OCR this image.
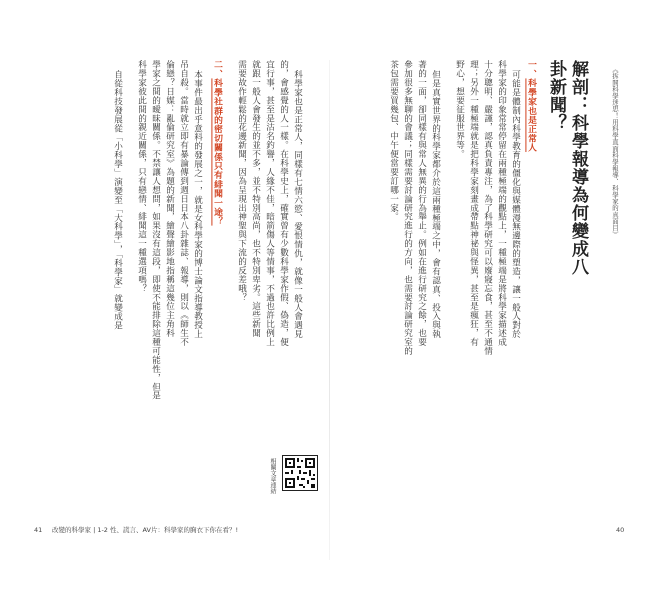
《拆開科學迷思！用科學直面科學報導、科學家的真面目》
解剖：科學報導為何變成八
卦新聞？
一、科學家也是正常人
可能是體制內科學教育的僵化與媒體漫無邊際的塑造，讓一般人對於
科學家的印象常常停留在兩種極端的觀點上，一種極端是將科學家描述成
十分聰明、嚴謹，認真負責專注，為了科學研究可以廢寢忘食，甚至不通情
理；另外一種極端就是把科學家刻畫成帶點神祕與怪異，甚至是瘋狂，有
野心，想要征服世界等。
但是真實世界的科學家都介於這兩種極端之中，會有認真、投入與執
著的一面，卻同樣有與常人無異的行為舉止。例如在進行研究之餘，也要
參加很多無聊的會議；同樣需要討論研究進行的方向，也需要討論研究室的
茶包需要買幾包、中午便當要訂哪一家。
40
科學家也是正常人，同樣有七情六慾、愛恨情仇，就像一般人會遇見
的，會感覺的人一樣。在科學史上，確實曾有少數科學家作假、偽造，便
宜行事，甚至是沽名釣譽，人緣不佳，暗箭傷人等情事，不過也許比例上
就跟一般人會發生的並不多，並不特別高尚，也不特別卑劣。這些新聞
需要故作輕鬆的花邊新聞，因為呈現出神聖與下流的反差哦？
二、科學社群的密切關係只有緋聞一途？
本事件最出乎意料的發展之一，就是女科學家的博士論文指導教授上
吊自殺。當時就立即有暴論傳到週日日本八卦雜誌、報導，則以《師生不
倫戀？日媒：亂倫研究室》為題的新聞，繪聲繪影地指稱這幾位主角科
學家之間的曖昧關係。不禁讓人想問，如果沒有這段，即使不能排除這種可能性，但是
科學家彼此間的親近關係，只有戀情、緋聞這一種選項嗎？
自從科技發展從「小科學」演變至「大科學」，「科學家」就變成是
相關文章連結
41 改變的科學家 | 1-2 性、謊言、AV片：科學家的胸衣下你在看？!
